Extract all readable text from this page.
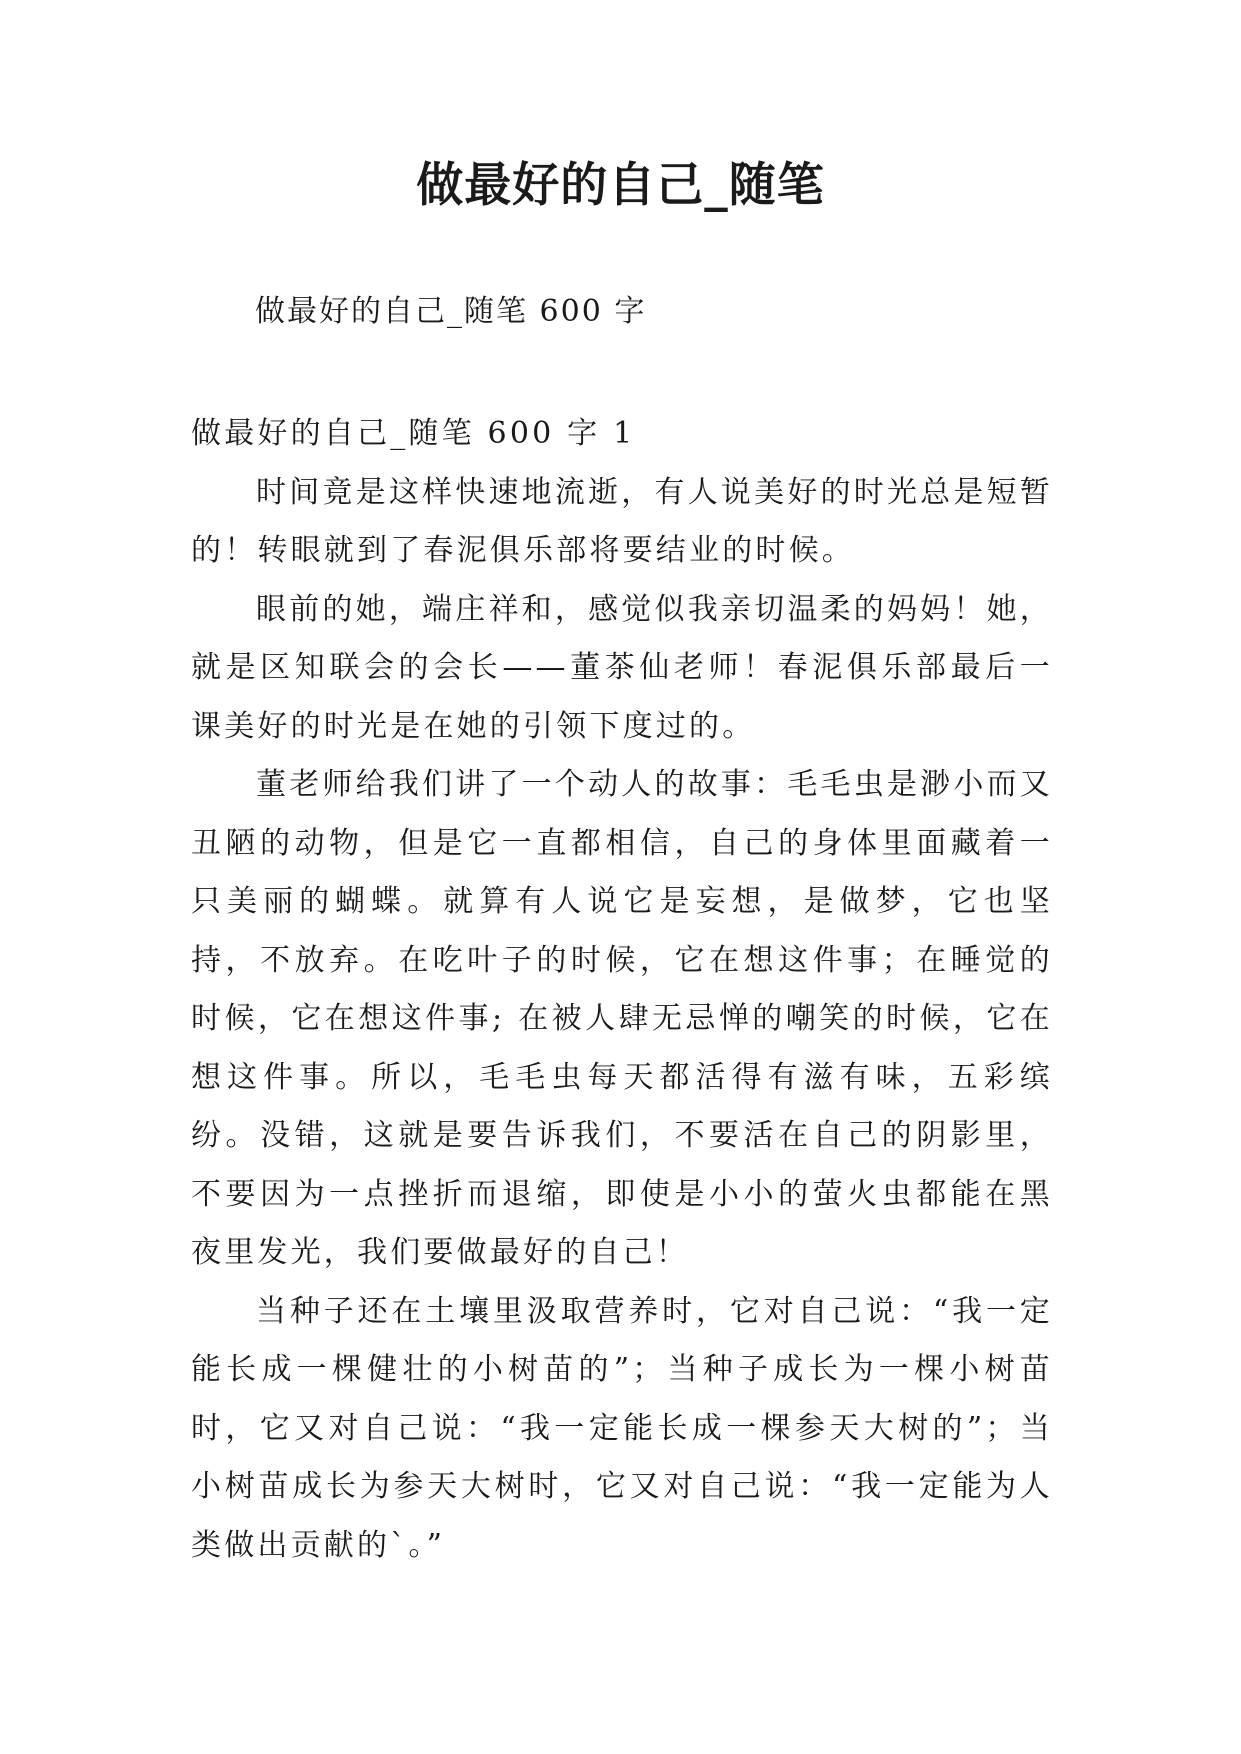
做最好的自己_随笔

做最好的自己_随笔 600 字

做最好的自己_随笔 600 字 1

时间竟是这样快速地流逝，有人说美好的时光总是短暂的！转眼就到了春泥俱乐部将要结业的时候。

眼前的她，端庄祥和，感觉似我亲切温柔的妈妈！她，就是区知联会的会长——董茶仙老师！春泥俱乐部最后一课美好的时光是在她的引领下度过的。

董老师给我们讲了一个动人的故事：毛毛虫是渺小而又丑陋的动物，但是它一直都相信，自己的身体里面藏着一只美丽的蝴蝶。就算有人说它是妄想，是做梦，它也坚持，不放弃。在吃叶子的时候，它在想这件事；在睡觉的时候，它在想这件事; 在被人肆无忌惮的嘲笑的时候，它在想这件事。所以，毛毛虫每天都活得有滋有味，五彩缤纷。没错，这就是要告诉我们，不要活在自己的阴影里，不要因为一点挫折而退缩，即使是小小的萤火虫都能在黑夜里发光，我们要做最好的自己！

当种子还在土壤里汲取营养时，它对自己说：“我一定能长成一棵健壮的小树苗的”；当种子成长为一棵小树苗时，它又对自己说：“我一定能长成一棵参天大树的”；当小树苗成长为参天大树时，它又对自己说：“我一定能为人类做出贡献的`。”
